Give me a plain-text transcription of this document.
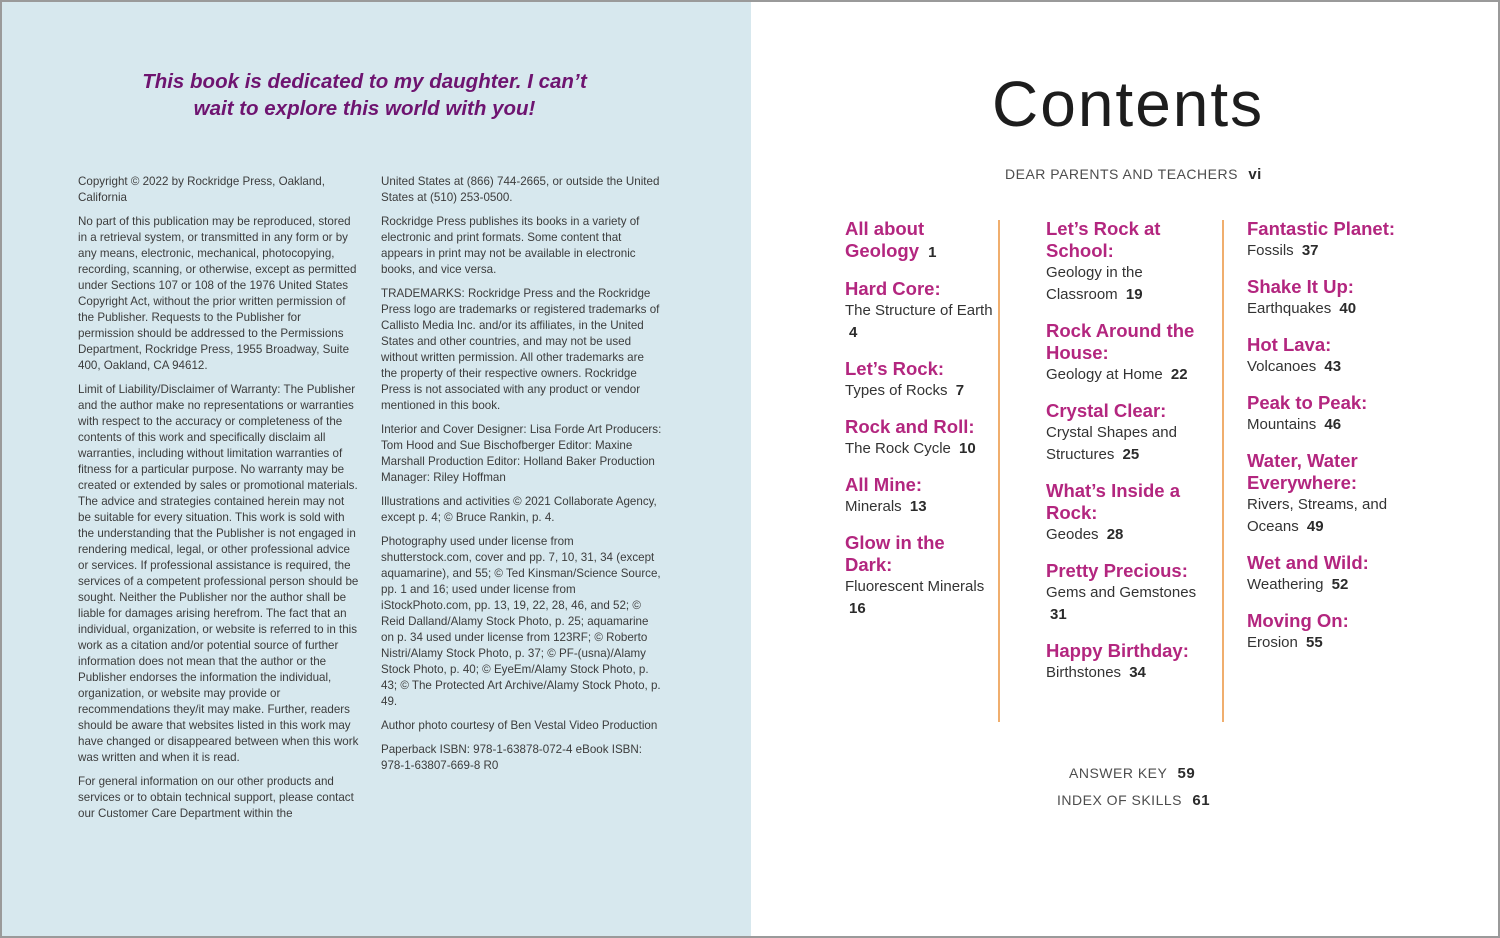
This book is dedicated to my daughter. I can’t
wait to explore this world with you!

Copyright © 2022 by Rockridge Press, Oakland, California

No part of this publication may be reproduced, stored in a retrieval system, or transmitted in any form or by any means, electronic, mechanical, photocopying, recording, scanning, or otherwise, except as permitted under Sections 107 or 108 of the 1976 United States Copyright Act, without the prior written permission of the Publisher. Requests to the Publisher for permission should be addressed to the Permissions Department, Rockridge Press, 1955 Broadway, Suite 400, Oakland, CA 94612.

Limit of Liability/Disclaimer of Warranty: The Publisher and the author make no representations or warranties with respect to the accuracy or completeness of the contents of this work and specifically disclaim all warranties, including without limitation warranties of fitness for a particular purpose. No warranty may be created or extended by sales or promotional materials. The advice and strategies contained herein may not be suitable for every situation. This work is sold with the understanding that the Publisher is not engaged in rendering medical, legal, or other professional advice or services. If professional assistance is required, the services of a competent professional person should be sought. Neither the Publisher nor the author shall be liable for damages arising herefrom. The fact that an individual, organization, or website is referred to in this work as a citation and/or potential source of further information does not mean that the author or the Publisher endorses the information the individual, organization, or website may provide or recommendations they/it may make. Further, readers should be aware that websites listed in this work may have changed or disappeared between when this work was written and when it is read.

For general information on our other products and services or to obtain technical support, please contact our Customer Care Department within the

United States at (866) 744-2665, or outside the United States at (510) 253-0500.

Rockridge Press publishes its books in a variety of electronic and print formats. Some content that appears in print may not be available in electronic books, and vice versa.

TRADEMARKS: Rockridge Press and the Rockridge Press logo are trademarks or registered trademarks of Callisto Media Inc. and/or its affiliates, in the United States and other countries, and may not be used without written permission. All other trademarks are the property of their respective owners. Rockridge Press is not associated with any product or vendor mentioned in this book.

Interior and Cover Designer: Lisa Forde Art Producers: Tom Hood and Sue Bischofberger Editor: Maxine Marshall Production Editor: Holland Baker Production Manager: Riley Hoffman

Illustrations and activities © 2021 Collaborate Agency, except p. 4; © Bruce Rankin, p. 4.

Photography used under license from shutterstock.com, cover and pp. 7, 10, 31, 34 (except aquamarine), and 55; © Ted Kinsman/Science Source, pp. 1 and 16; used under license from iStockPhoto.com, pp. 13, 19, 22, 28, 46, and 52; © Reid Dalland/Alamy Stock Photo, p. 25; aquamarine on p. 34 used under license from 123RF; © Roberto Nistri/Alamy Stock Photo, p. 37; © PF-(usna)/Alamy Stock Photo, p. 40; © EyeEm/Alamy Stock Photo, p. 43; © The Protected Art Archive/Alamy Stock Photo, p. 49.

Author photo courtesy of Ben Vestal Video Production

Paperback ISBN: 978-1-63878-072-4 eBook ISBN: 978-1-63807-669-8 R0

Contents
DEAR PARENTS AND TEACHERS vi
All about Geology 1
Hard Core:
The Structure of Earth 4
Let’s Rock:
Types of Rocks 7
Rock and Roll:
The Rock Cycle 10
All Mine:
Minerals 13
Glow in the Dark:
Fluorescent Minerals 16
Let’s Rock at School:
Geology in the Classroom 19
Rock Around the House:
Geology at Home 22
Crystal Clear:
Crystal Shapes and Structures 25
What’s Inside a Rock:
Geodes 28
Pretty Precious:
Gems and Gemstones 31
Happy Birthday:
Birthstones 34
Fantastic Planet:
Fossils 37
Shake It Up:
Earthquakes 40
Hot Lava:
Volcanoes 43
Peak to Peak:
Mountains 46
Water, Water Everywhere:
Rivers, Streams, and Oceans 49
Wet and Wild:
Weathering 52
Moving On:
Erosion 55
ANSWER KEY 59
INDEX OF SKILLS 61
